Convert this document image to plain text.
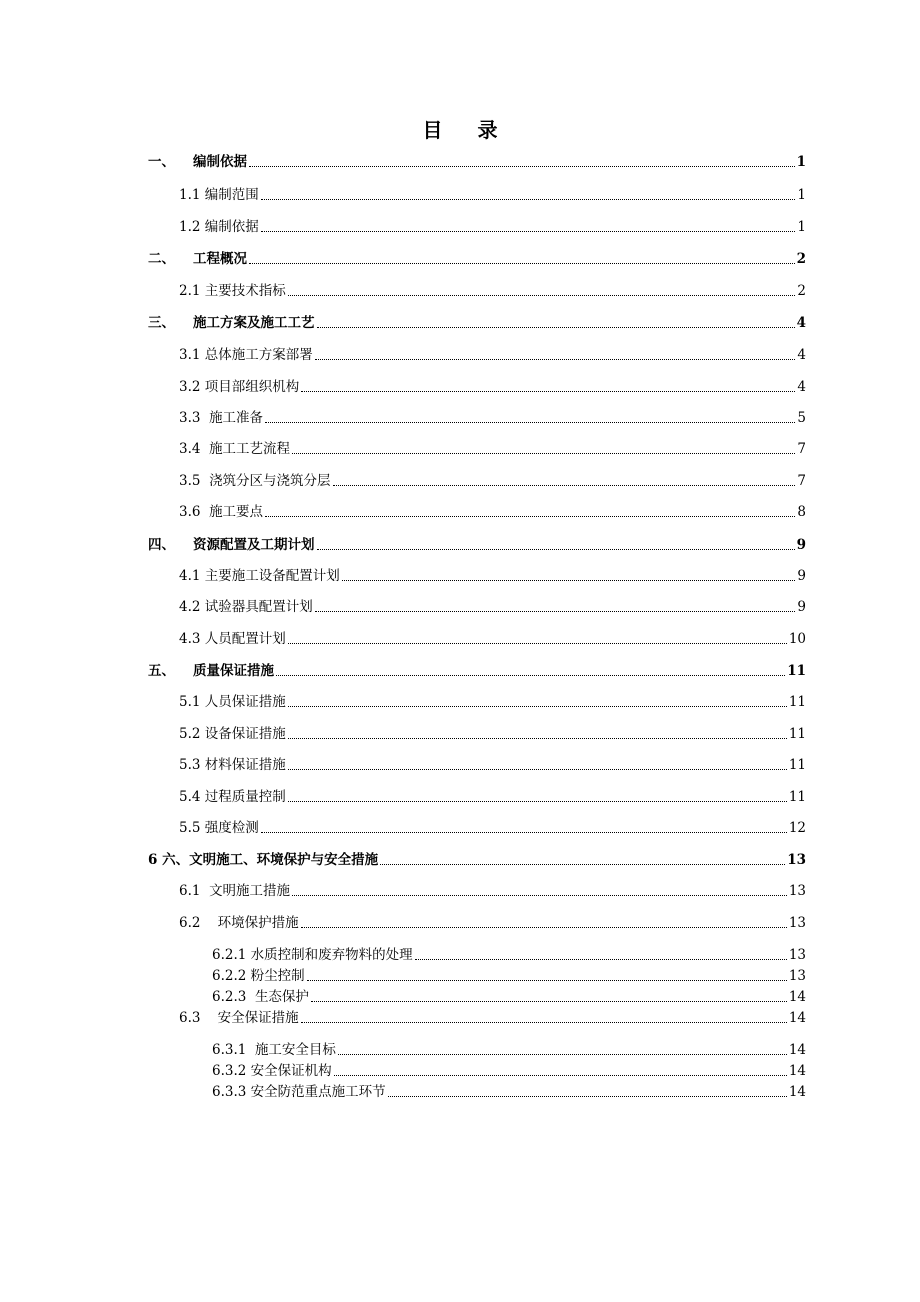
目 录
一、 编制依据	1
1.1 编制范围	1
1.2 编制依据	1
二、 工程概况	2
2.1 主要技术指标	2
三、 施工方案及施工工艺	4
3.1 总体施工方案部署	4
3.2 项目部组织机构	4
3.3 施工准备	5
3.4 施工工艺流程	7
3.5 浇筑分区与浇筑分层	7
3.6 施工要点	8
四、 资源配置及工期计划	9
4.1 主要施工设备配置计划	9
4.2 试验器具配置计划	9
4.3 人员配置计划	10
五、 质量保证措施	11
5.1 人员保证措施	11
5.2 设备保证措施	11
5.3 材料保证措施	11
5.4 过程质量控制	11
5.5 强度检测	12
6 六、 文明施工、环境保护与安全措施	13
6.1 文明施工措施	13
6.2 环境保护措施	13
6.2.1 水质控制和废弃物料的处理	13
6.2.2 粉尘控制	13
6.2.3 生态保护	14
6.3 安全保证措施	14
6.3.1 施工安全目标	14
6.3.2 安全保证机构	14
6.3.3 安全防范重点施工环节	14
